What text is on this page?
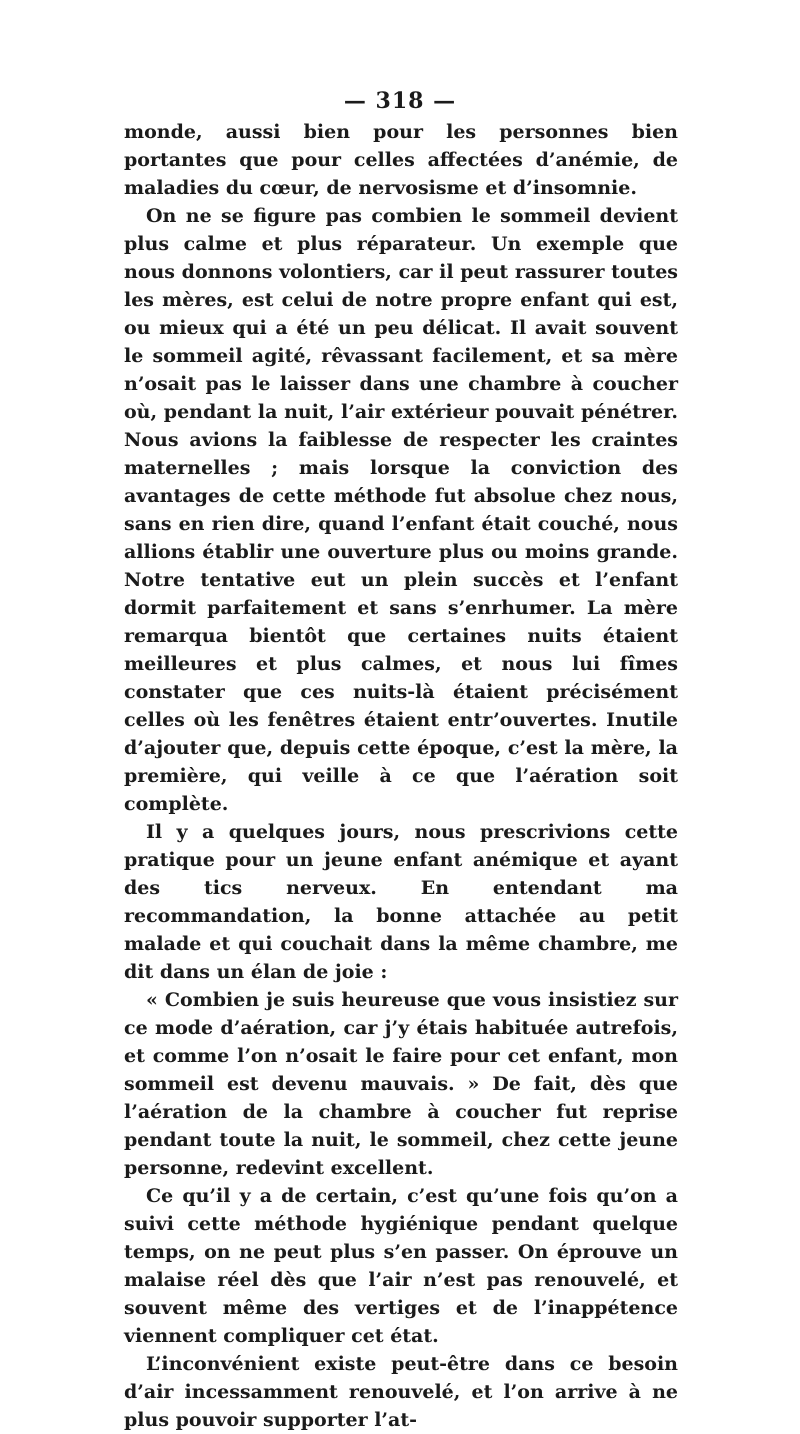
— 318 —

monde, aussi bien pour les personnes bien portantes que pour celles affectées d’anémie, de maladies du cœur, de nervosisme et d’insomnie.

On ne se figure pas combien le sommeil devient plus calme et plus réparateur. Un exemple que nous donnons volontiers, car il peut rassurer toutes les mères, est celui de notre propre enfant qui est, ou mieux qui a été un peu délicat. Il avait souvent le sommeil agité, rêvassant facilement, et sa mère n’osait pas le laisser dans une chambre à coucher où, pendant la nuit, l’air extérieur pouvait pénétrer. Nous avions la faiblesse de respecter les craintes maternelles ; mais lorsque la conviction des avantages de cette méthode fut absolue chez nous, sans en rien dire, quand l’enfant était couché, nous allions établir une ouverture plus ou moins grande. Notre tentative eut un plein succès et l’enfant dormit parfaitement et sans s’enrhumer. La mère remarqua bientôt que certaines nuits étaient meilleures et plus calmes, et nous lui fîmes constater que ces nuits-là étaient précisément celles où les fenêtres étaient entr’ouvertes. Inutile d’ajouter que, depuis cette époque, c’est la mère, la première, qui veille à ce que l’aération soit complète.

Il y a quelques jours, nous prescrivions cette pratique pour un jeune enfant anémique et ayant des tics nerveux. En entendant ma recommandation, la bonne attachée au petit malade et qui couchait dans la même chambre, me dit dans un élan de joie :

« Combien je suis heureuse que vous insistiez sur ce mode d’aération, car j’y étais habituée autrefois, et comme l’on n’osait le faire pour cet enfant, mon sommeil est devenu mauvais. » De fait, dès que l’aération de la chambre à coucher fut reprise pendant toute la nuit, le sommeil, chez cette jeune personne, redevint excellent.

Ce qu’il y a de certain, c’est qu’une fois qu’on a suivi cette méthode hygiénique pendant quelque temps, on ne peut plus s’en passer. On éprouve un malaise réel dès que l’air n’est pas renouvelé, et souvent même des vertiges et de l’inappétence viennent compliquer cet état.

L’inconvénient existe peut-être dans ce besoin d’air incessamment renouvelé, et l’on arrive à ne plus pouvoir supporter l’at-
